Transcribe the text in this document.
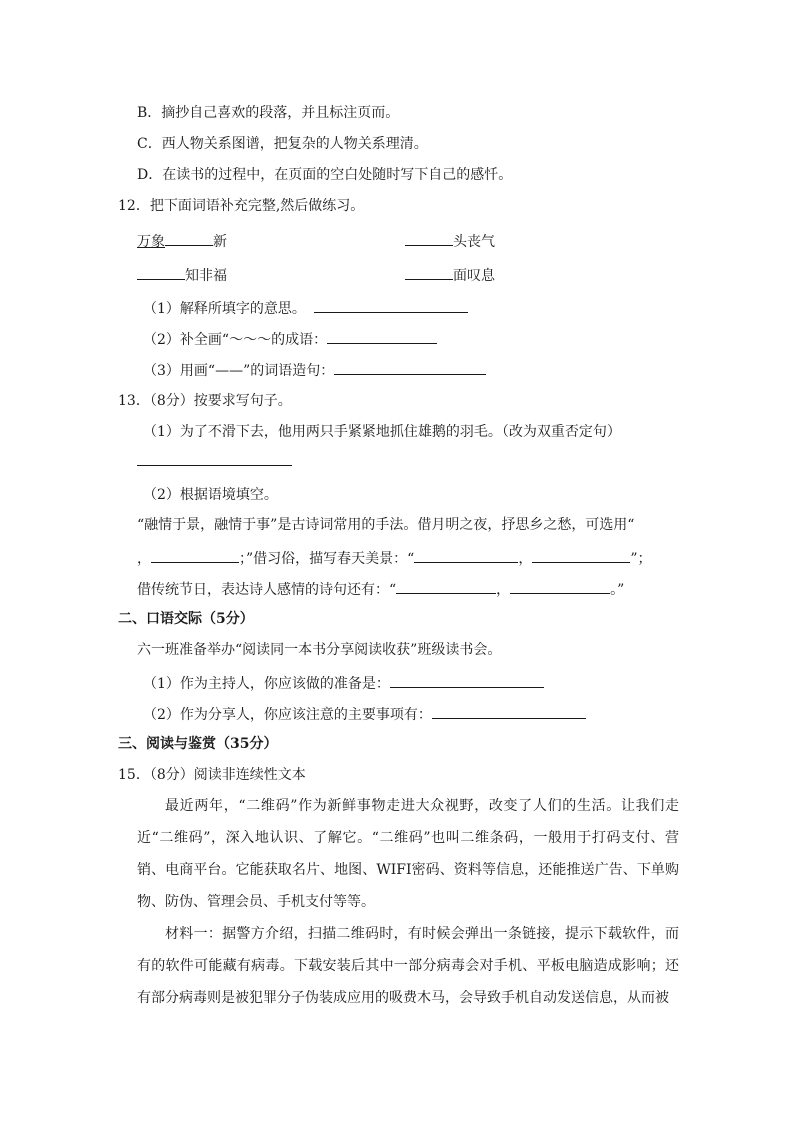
B．摘抄自己喜欢的段落，并且标注页而。
C．西人物关系图谱，把复杂的人物关系理清。
D．在读书的过程中，在页面的空白处随时写下自己的感忏。
12．把下面词语补充完整,然后做练习。
万象	新	头丧气
知非福	面叹息
（1）解释所填字的意思。
（2）补全画“～～～的成语：
（3）用画“——”的词语造句：
13．（8分）按要求写句子。
（1）为了不滑下去，他用两只手紧紧地抓住雄鹅的羽毛。（改为双重否定句）
（2）根据语境填空。
“融情于景，融情于事”是古诗词常用的手法。借月明之夜，抒思乡之愁，可选用“
，	；”借习俗，描写春天美景：“	，	”；
借传统节日，表达诗人感情的诗句还有：“	，	。”
二、口语交际（5分）
六一班准备举办“阅读同一本书分享阅读收获”班级读书会。
（1）作为主持人，你应该做的准备是：
（2）作为分享人，你应该注意的主要事项有：
三、阅读与鉴赏（35分）
15．（8分）阅读非连续性文本
最近两年，“二维码”作为新鲜事物走进大众视野，改变了人们的生活。让我们走近“二维码”，深入地认识、了解它。“二维码”也叫二维条码，一般用于打码支付、营销、电商平台。它能获取名片、地图、WIFI密码、资料等信息，还能推送广告、下单购物、防伪、管理会员、手机支付等等。
材料一：据警方介绍，扫描二维码时，有时候会弹出一条链接，提示下载软件，而有的软件可能藏有病毒。下载安装后其中一部分病毒会对手机、平板电脑造成影响；还有部分病毒则是被犯罪分子伪装成应用的吸费木马，会导致手机自动发送信息，从而被
